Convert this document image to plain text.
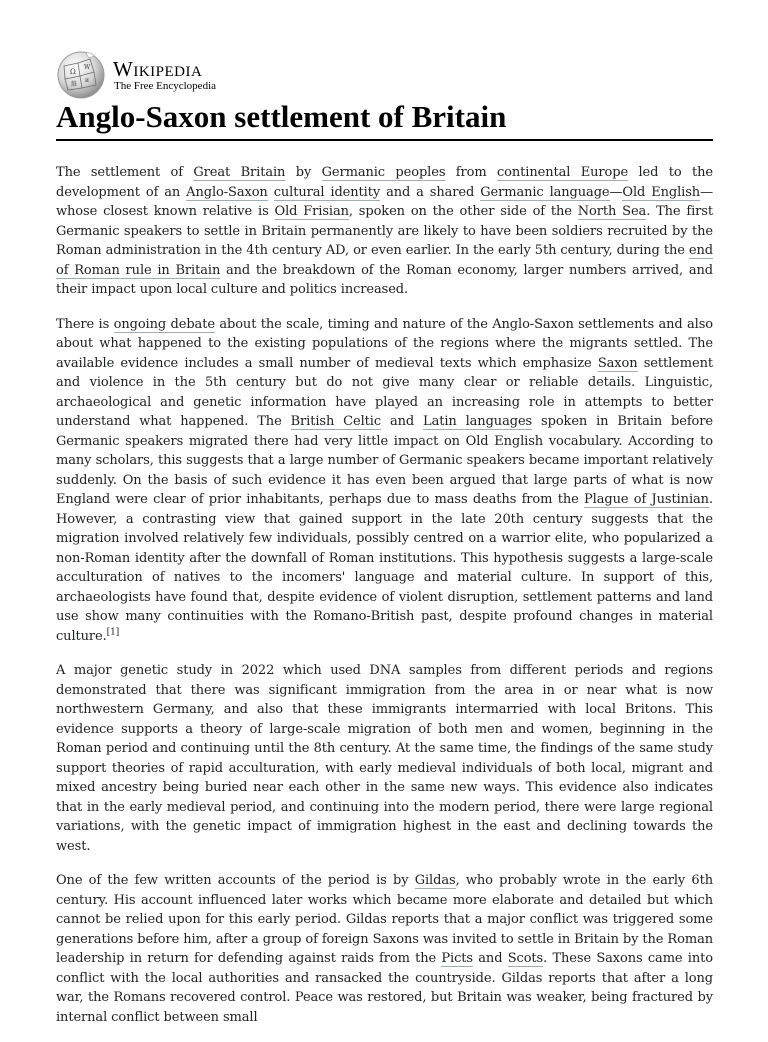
Ω
W
и
維
Wikipedia
The Free Encyclopedia
Anglo-Saxon settlement of Britain

The settlement of Great Britain by Germanic peoples from continental Europe led to the development of an Anglo-Saxon cultural identity and a shared Germanic language—Old English—whose closest known relative is Old Frisian, spoken on the other side of the North Sea. The first Germanic speakers to settle in Britain permanently are likely to have been soldiers recruited by the Roman administration in the 4th century AD, or even earlier. In the early 5th century, during the end of Roman rule in Britain and the breakdown of the Roman economy, larger numbers arrived, and their impact upon local culture and politics increased.

There is ongoing debate about the scale, timing and nature of the Anglo-Saxon settlements and also about what happened to the existing populations of the regions where the migrants settled. The available evidence includes a small number of medieval texts which emphasize Saxon settlement and violence in the 5th century but do not give many clear or reliable details. Linguistic, archaeological and genetic information have played an increasing role in attempts to better understand what happened. The British Celtic and Latin languages spoken in Britain before Germanic speakers migrated there had very little impact on Old English vocabulary. According to many scholars, this suggests that a large number of Germanic speakers became important relatively suddenly. On the basis of such evidence it has even been argued that large parts of what is now England were clear of prior inhabitants, perhaps due to mass deaths from the Plague of Justinian. However, a contrasting view that gained support in the late 20th century suggests that the migration involved relatively few individuals, possibly centred on a warrior elite, who popularized a non-Roman identity after the downfall of Roman institutions. This hypothesis suggests a large-scale acculturation of natives to the incomers' language and material culture. In support of this, archaeologists have found that, despite evidence of violent disruption, settlement patterns and land use show many continuities with the Romano-British past, despite profound changes in material culture.[1]

A major genetic study in 2022 which used DNA samples from different periods and regions demonstrated that there was significant immigration from the area in or near what is now northwestern Germany, and also that these immigrants intermarried with local Britons. This evidence supports a theory of large-scale migration of both men and women, beginning in the Roman period and continuing until the 8th century. At the same time, the findings of the same study support theories of rapid acculturation, with early medieval individuals of both local, migrant and mixed ancestry being buried near each other in the same new ways. This evidence also indicates that in the early medieval period, and continuing into the modern period, there were large regional variations, with the genetic impact of immigration highest in the east and declining towards the west.

One of the few written accounts of the period is by Gildas, who probably wrote in the early 6th century. His account influenced later works which became more elaborate and detailed but which cannot be relied upon for this early period. Gildas reports that a major conflict was triggered some generations before him, after a group of foreign Saxons was invited to settle in Britain by the Roman leadership in return for defending against raids from the Picts and Scots. These Saxons came into conflict with the local authorities and ransacked the countryside. Gildas reports that after a long war, the Romans recovered control. Peace was restored, but Britain was weaker, being fractured by internal conflict between small
